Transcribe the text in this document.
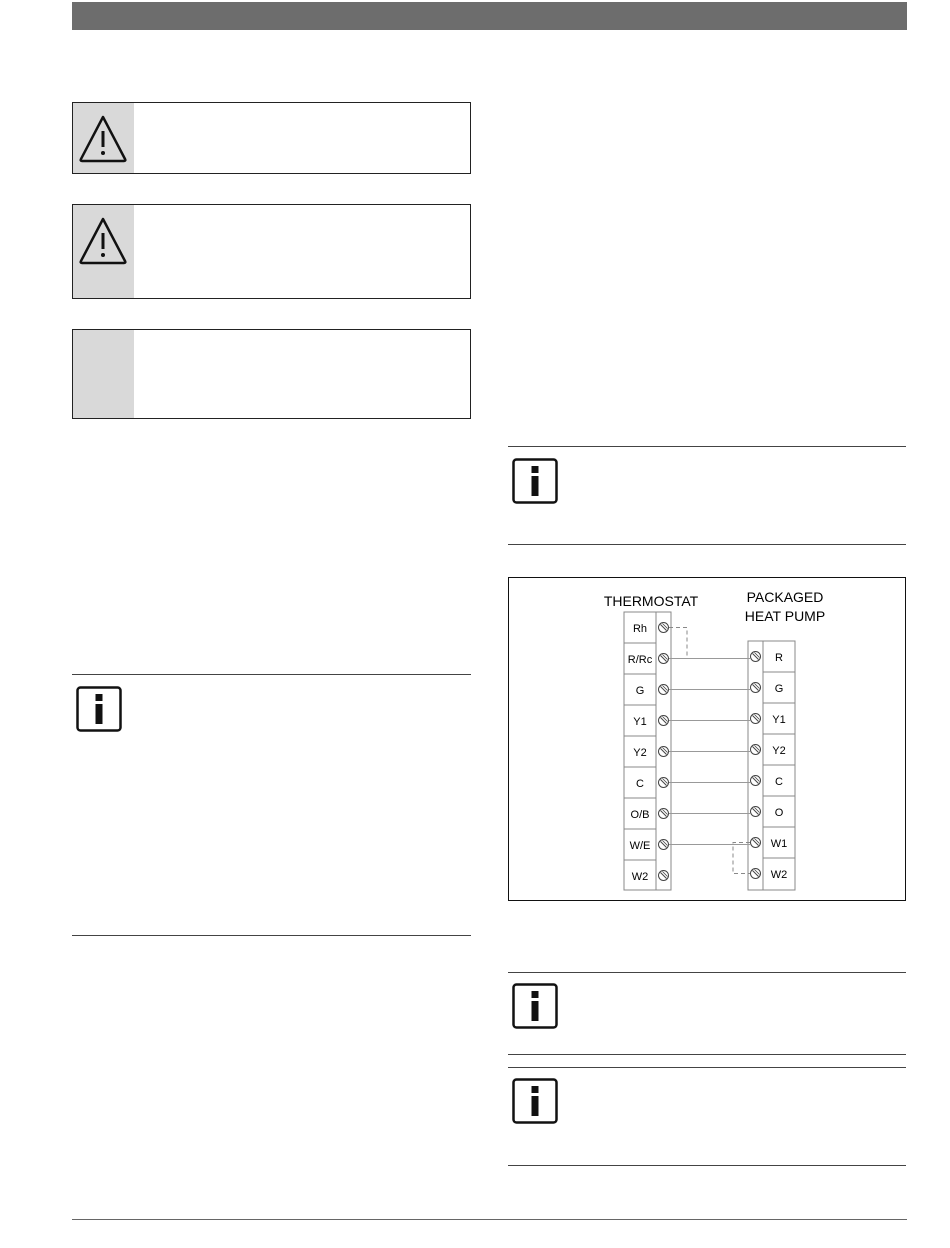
THERMOSTAT	PACKAGED
HEAT PUMP
Rh
R/Rc
G
Y1
Y2
C
O/B
W/E
W2
R
G
Y1
Y2
C
O
W1
W2
